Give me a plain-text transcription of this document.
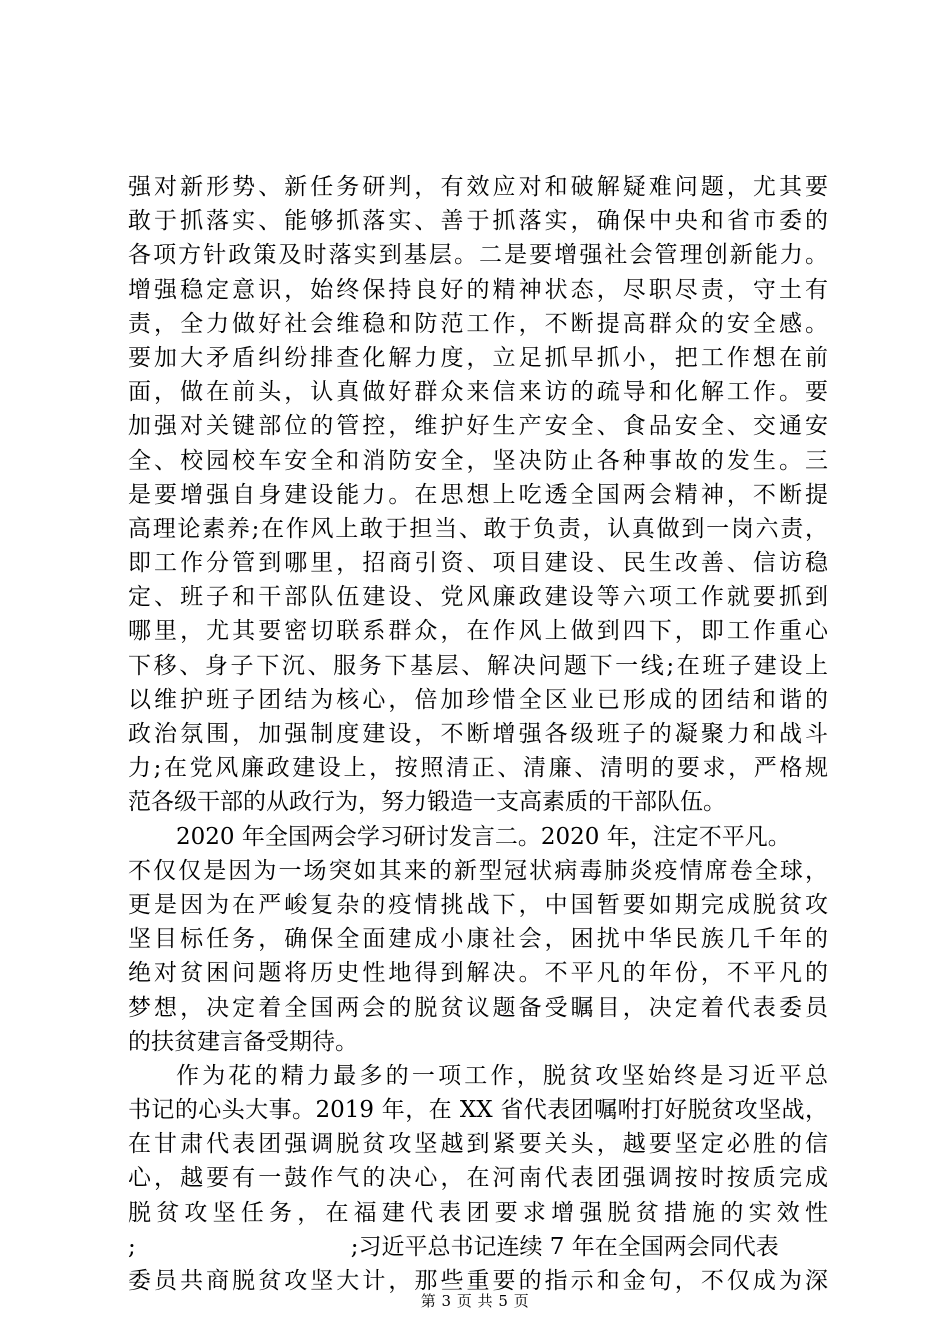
强对新形势、新任务研判，有效应对和破解疑难问题，尤其要
敢于抓落实、能够抓落实、善于抓落实，确保中央和省市委的
各项方针政策及时落实到基层。二是要增强社会管理创新能力。
增强稳定意识，始终保持良好的精神状态，尽职尽责，守土有
责，全力做好社会维稳和防范工作，不断提高群众的安全感。
要加大矛盾纠纷排查化解力度，立足抓早抓小，把工作想在前
面，做在前头，认真做好群众来信来访的疏导和化解工作。要
加强对关键部位的管控，维护好生产安全、食品安全、交通安
全、校园校车安全和消防安全，坚决防止各种事故的发生。三
是要增强自身建设能力。在思想上吃透全国两会精神，不断提
高理论素养;在作风上敢于担当、敢于负责，认真做到一岗六责，
即工作分管到哪里，招商引资、项目建设、民生改善、信访稳
定、班子和干部队伍建设、党风廉政建设等六项工作就要抓到
哪里，尤其要密切联系群众，在作风上做到四下，即工作重心
下移、身子下沉、服务下基层、解决问题下一线;在班子建设上
以维护班子团结为核心，倍加珍惜全区业已形成的团结和谐的
政治氛围，加强制度建设，不断增强各级班子的凝聚力和战斗
力;在党风廉政建设上，按照清正、清廉、清明的要求，严格规
范各级干部的从政行为，努力锻造一支高素质的干部队伍。
2020 年全国两会学习研讨发言二。2020 年，注定不平凡。
不仅仅是因为一场突如其来的新型冠状病毒肺炎疫情席卷全球，
更是因为在严峻复杂的疫情挑战下，中国暂要如期完成脱贫攻
坚目标任务，确保全面建成小康社会，困扰中华民族几千年的
绝对贫困问题将历史性地得到解决。不平凡的年份，不平凡的
梦想，决定着全国两会的脱贫议题备受瞩目，决定着代表委员
的扶贫建言备受期待。
作为花的精力最多的一项工作，脱贫攻坚始终是习近平总
书记的心头大事。2019 年，在 XX 省代表团嘱咐打好脱贫攻坚战，
在甘肃代表团强调脱贫攻坚越到紧要关头，越要坚定必胜的信
心，越要有一鼓作气的决心，在河南代表团强调按时按质完成
脱贫攻坚任务，在福建代表团要求增强脱贫措施的实效性
;	;习近平总书记连续 7 年在全国两会同代表
委员共商脱贫攻坚大计，那些重要的指示和金句，不仅成为深
第 3 页 共 5 页
